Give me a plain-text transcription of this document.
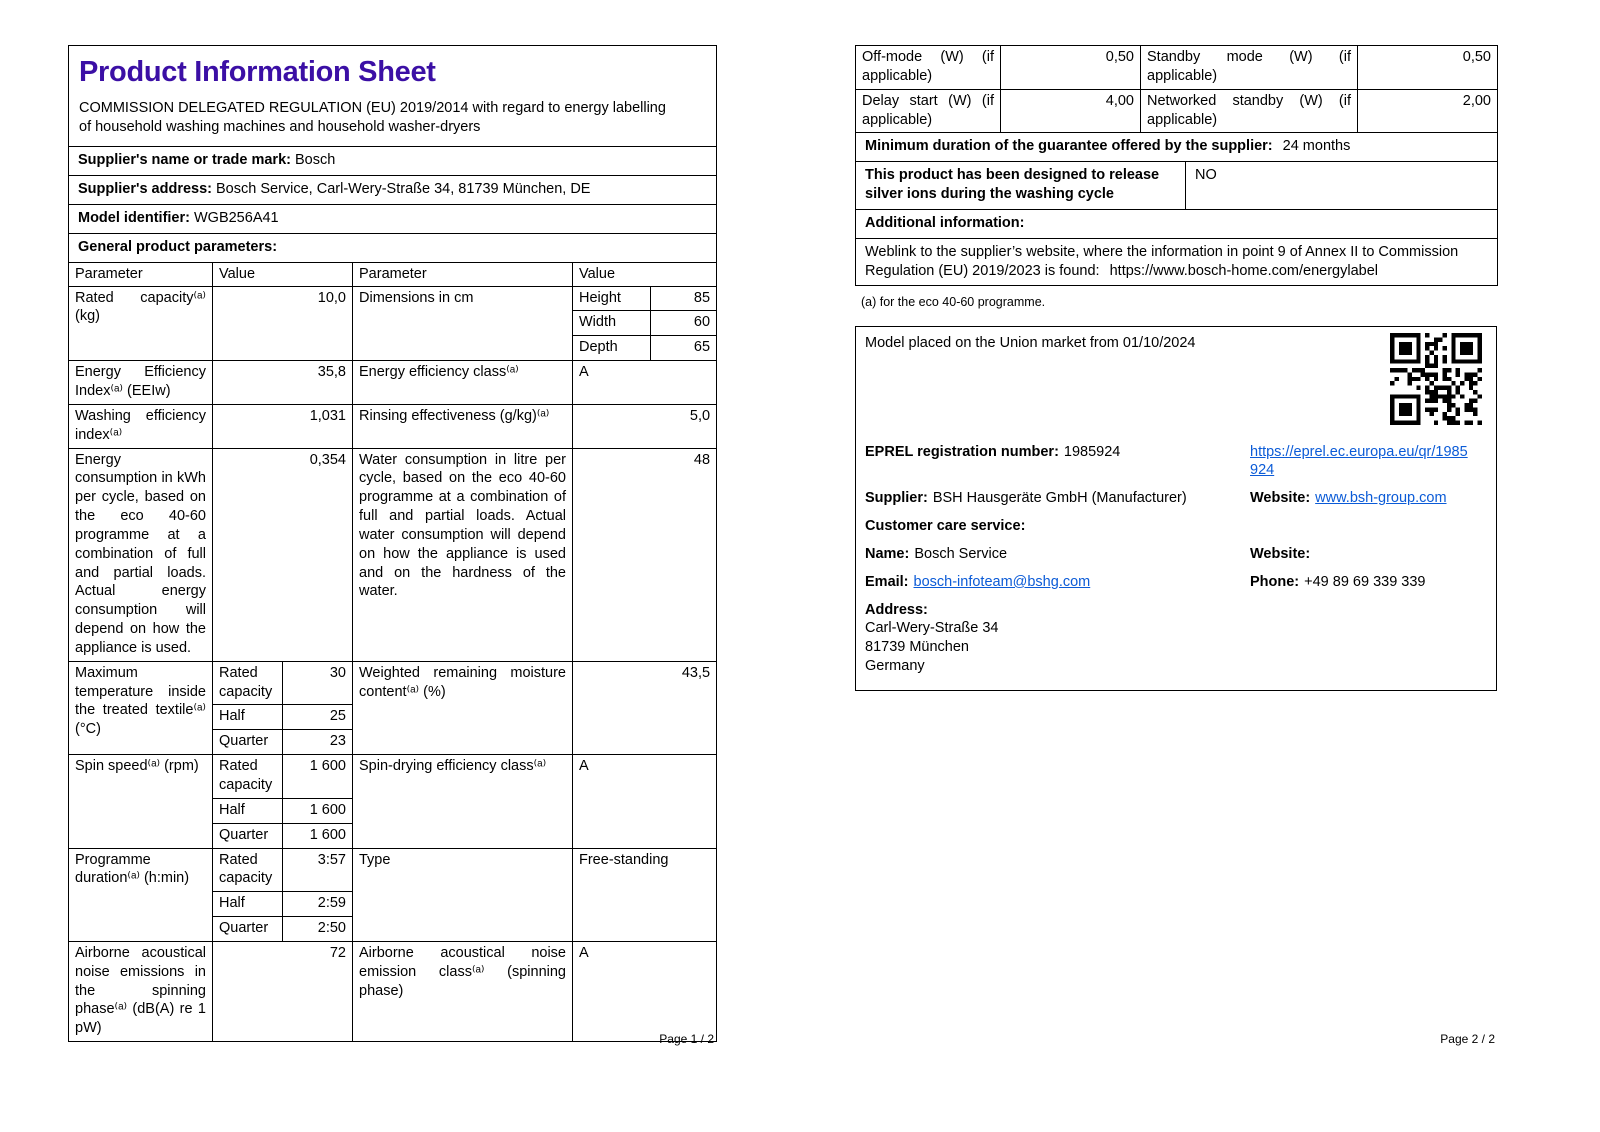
Product Information Sheet
COMMISSION DELEGATED REGULATION (EU) 2019/2014 with regard to energy labelling of household washing machines and household washer-dryers

Supplier's name or trade mark: Bosch					
Supplier's address: Bosch Service, Carl-Wery-Straße 34, 81739 München, DE					
Model identifier: WGB256A41					
General product parameters:					
Parameter	Value		Parameter	Value	
Rated capacity⁽ᵃ⁾ (kg)	10,0		Dimensions in cm	Height	85
				Width	60
				Depth	65
Energy Efficiency Index⁽ᵃ⁾ (EEIᴡ)	35,8		Energy efficiency class⁽ᵃ⁾	A	
Washing efficiency index⁽ᵃ⁾	1,031		Rinsing effectiveness (g/kg)⁽ᵃ⁾	5,0	
Energy consumption in kWh per cycle, based on the eco 40-60 programme at a combination of full and partial loads. Actual energy consumption will depend on how the appliance is used.	0,354		Water consumption in litre per cycle, based on the eco 40-60 programme at a combination of full and partial loads. Actual water consumption will depend on how the appliance is used and on the hardness of the water.	48	
Maximum temperature inside the treated textile⁽ᵃ⁾ (°C)	Rated capacity	30	Weighted remaining moisture content⁽ᵃ⁾ (%)	43,5	
	Half	25			
	Quarter	23			
Spin speed⁽ᵃ⁾ (rpm)	Rated capacity	1 600	Spin-drying efficiency class⁽ᵃ⁾	A	
	Half	1 600			
	Quarter	1 600			
Programme duration⁽ᵃ⁾ (h:min)	Rated capacity	3:57	Type	Free-standing	
	Half	2:59			
	Quarter	2:50			
Airborne acoustical noise emissions in the spinning phase⁽ᵃ⁾ (dB(A) re 1 pW)	72		Airborne acoustical noise emission class⁽ᵃ⁾ (spinning phase)	A	
Page 1 / 2
Off-mode (W) (if applicable)	0,50	Standby mode (W) (if applicable)		0,50
Delay start (W) (if applicable)	4,00	Networked standby (W) (if applicable)		2,00
Minimum duration of the guarantee offered by the supplier: 24 months				
This product has been designed to release silver ions during the washing cycle			NO	
Additional information:				
Weblink to the supplier’s website, where the information in point 9 of Annex II to Commission Regulation (EU) 2019/2023 is found: https://www.bosch-home.com/energylabel				
(a) for the eco 40-60 programme.
Model placed on the Union market from 01/10/2024
EPREL registration number: 1985924	https://eprel.ec.europa.eu/qr/1985924
Supplier: BSH Hausgeräte GmbH (Manufacturer)	Website: www.bsh-group.com
Customer care service:
Name: Bosch Service	Website:
Email: bosch-infoteam@bshg.com	Phone: +49 89 69 339 339
Address:
Carl-Wery-Straße 34
81739 München
Germany
Page 2 / 2
